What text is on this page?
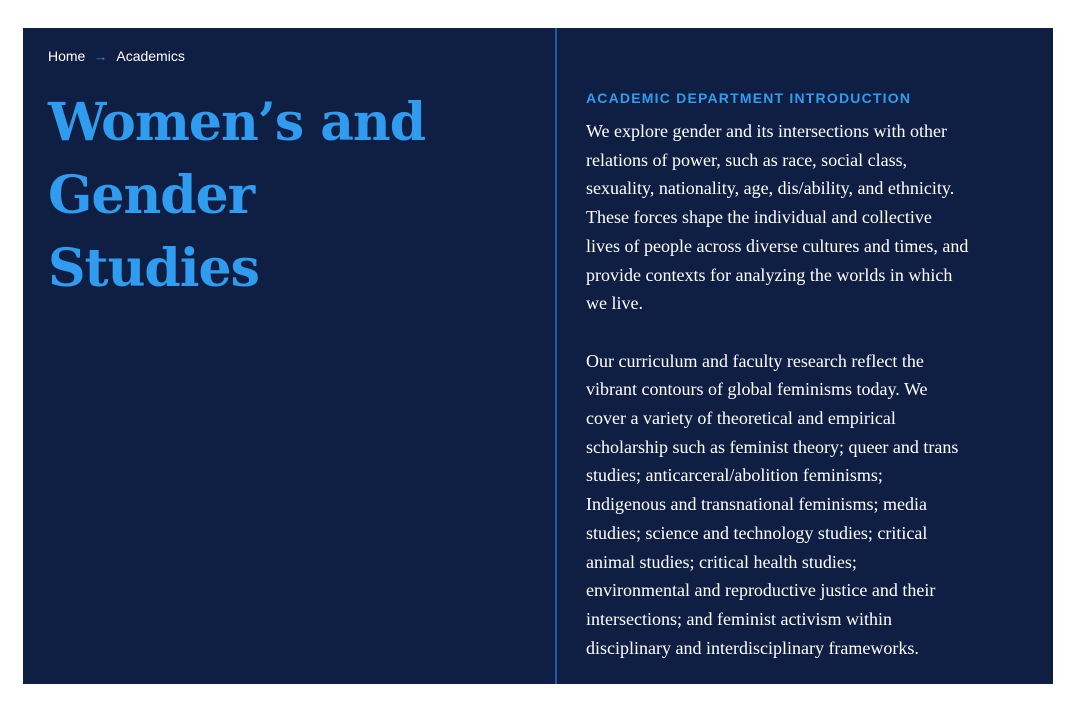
Home → Academics
Women’s and
Gender
Studies
ACADEMIC DEPARTMENT INTRODUCTION

We explore gender and its intersections with other
relations of power, such as race, social class,
sexuality, nationality, age, dis/ability, and ethnicity.
These forces shape the individual and collective
lives of people across diverse cultures and times, and
provide contexts for analyzing the worlds in which
we live.

Our curriculum and faculty research reflect the
vibrant contours of global feminisms today. We
cover a variety of theoretical and empirical
scholarship such as feminist theory; queer and trans
studies; anticarceral/abolition feminisms;
Indigenous and transnational feminisms; media
studies; science and technology studies; critical
animal studies; critical health studies;
environmental and reproductive justice and their
intersections; and feminist activism within
disciplinary and interdisciplinary frameworks.
